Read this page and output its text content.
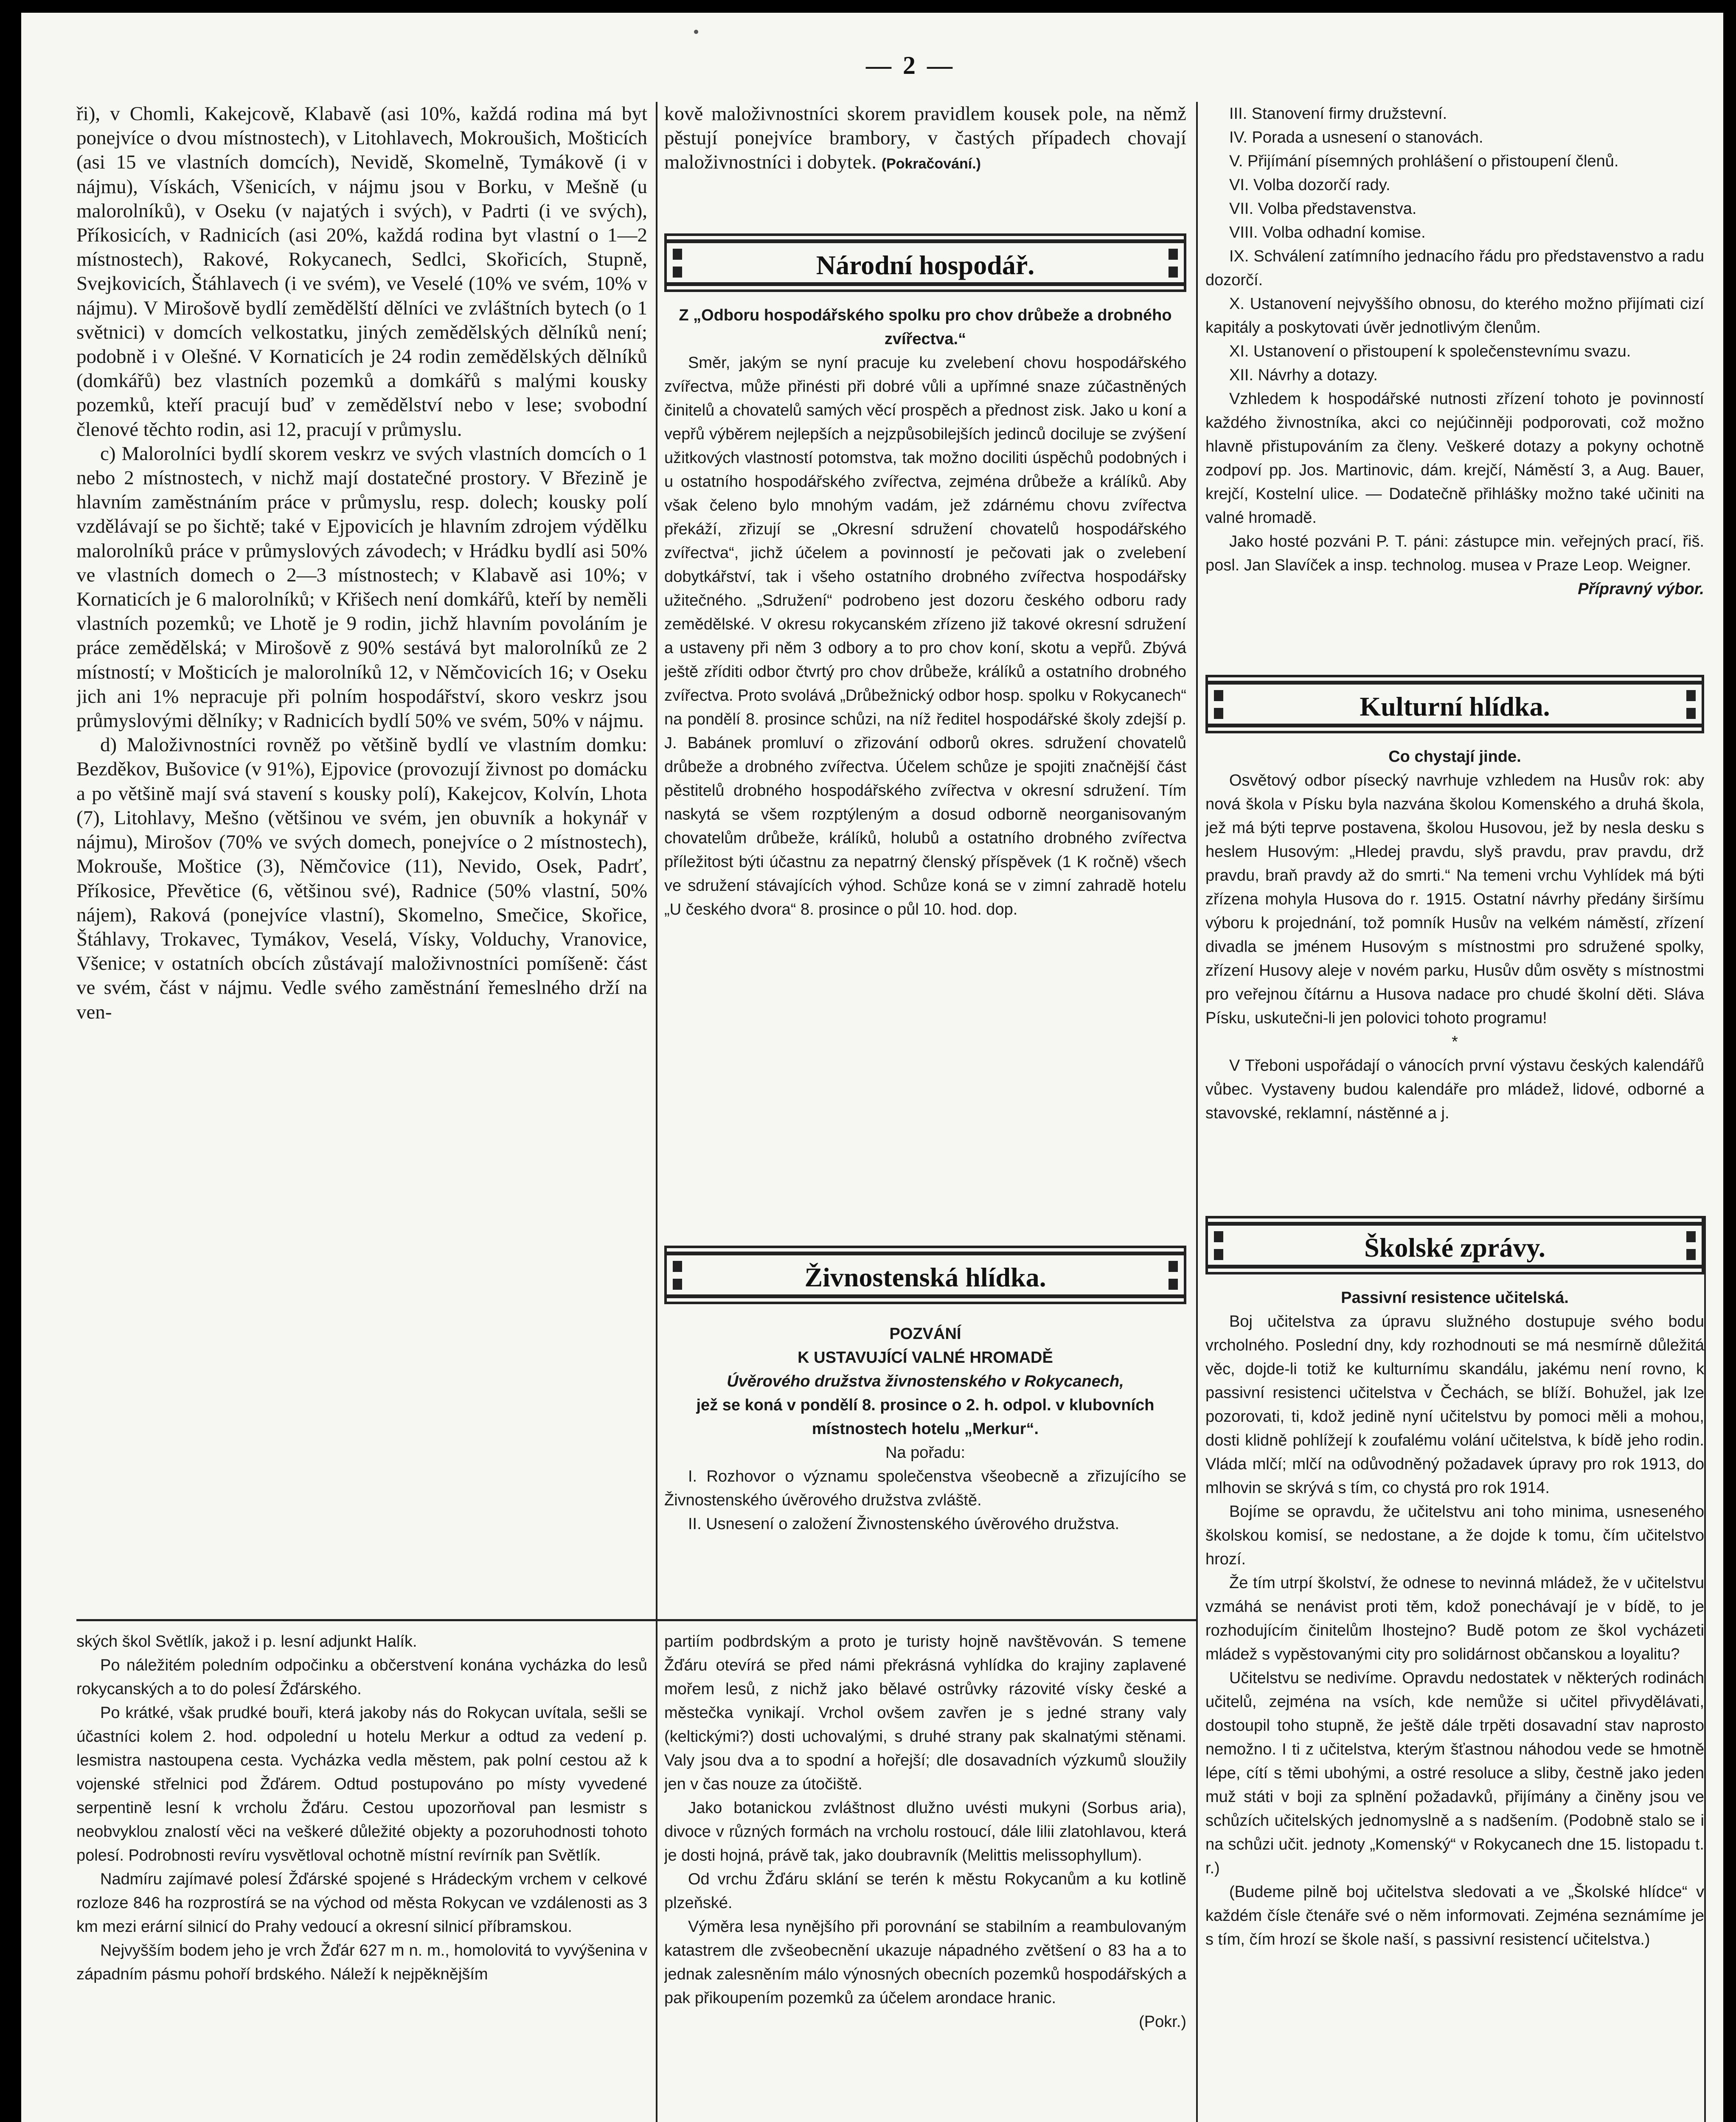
— 2 —

ři), v Chomli, Kakejcově, Klabavě (asi 10%, každá rodina má byt ponejvíce o dvou místnostech), v Litohlavech, Mokroušich, Mošticích (asi 15 ve vlastních domcích), Nevidě, Skomelně, Tymákově (i v nájmu), Vískách, Všenicích, v nájmu jsou v Borku, v Mešně (u malorolníků), v Oseku (v najatých i svých), v Padrti (i ve svých), Příkosicích, v Radnicích (asi 20%, každá rodina byt vlastní o 1—2 místnostech), Rakové, Rokycanech, Sedlci, Skořicích, Stupně, Svejkovicích, Štáhlavech (i ve svém), ve Veselé (10% ve svém, 10% v nájmu). V Mirošově bydlí zemědělští dělníci ve zvláštních bytech (o 1 světnici) v domcích velkostatku, jiných zemědělských dělníků není; podobně i v Olešné. V Kornaticích je 24 rodin zemědělských dělníků (domkářů) bez vlastních pozemků a domkářů s malými kousky pozemků, kteří pracují buď v zemědělství nebo v lese; svobodní členové těchto rodin, asi 12, pracují v průmyslu.

c) Malorolníci bydlí skorem veskrz ve svých vlastních domcích o 1 nebo 2 místnostech, v nichž mají dostatečné prostory. V Březině je hlavním zaměstnáním práce v průmyslu, resp. dolech; kousky polí vzdělávají se po šichtě; také v Ejpovicích je hlavním zdrojem výdělku malorolníků práce v průmyslových závodech; v Hrádku bydlí asi 50% ve vlastních domech o 2—3 místnostech; v Klabavě asi 10%; v Kornaticích je 6 malorolníků; v Křišech není domkářů, kteří by neměli vlastních pozemků; ve Lhotě je 9 rodin, jichž hlavním povoláním je práce zemědělská; v Mirošově z 90% sestává byt malorolníků ze 2 místností; v Mošticích je malorolníků 12, v Němčovicích 16; v Oseku jich ani 1% nepracuje při polním hospodářství, skoro veskrz jsou průmyslovými dělníky; v Radnicích bydlí 50% ve svém, 50% v nájmu.

d) Maloživnostníci rovněž po většině bydlí ve vlastním domku: Bezděkov, Bušovice (v 91%), Ejpovice (provozují živnost po domácku a po většině mají svá stavení s kousky polí), Kakejcov, Kolvín, Lhota (7), Litohlavy, Mešno (většinou ve svém, jen obuvník a hokynář v nájmu), Mirošov (70% ve svých domech, ponejvíce o 2 místnostech), Mokrouše, Moštice (3), Němčovice (11), Nevido, Osek, Padrť, Příkosice, Převětice (6, většinou své), Radnice (50% vlastní, 50% nájem), Raková (ponejvíce vlastní), Skomelno, Smečice, Skořice, Štáhlavy, Trokavec, Tymákov, Veselá, Vísky, Volduchy, Vranovice, Všenice; v ostatních obcích zůstávají maloživnostníci pomíšeně: část ve svém, část v nájmu. Vedle svého zaměstnání řemeslného drží na ven-

kově maloživnostníci skorem pravidlem kousek pole, na němž pěstují ponejvíce brambory, v častých případech chovají maloživnostníci i dobytek. (Pokračování.)

Národní hospodář.

Z „Odboru hospodářského spolku pro chov drůbeže a drobného zvířectva.“

Směr, jakým se nyní pracuje ku zvelebení chovu hospodářského zvířectva, může přinésti při dobré vůli a upřímné snaze zúčastněných činitelů a chovatelů samých věcí prospěch a přednost zisk. Jako u koní a vepřů výběrem nejlepších a nejzpůsobilejších jedinců dociluje se zvýšení užitkových vlastností potomstva, tak možno dociliti úspěchů podobných i u ostatního hospodářského zvířectva, zejména drůbeže a králíků. Aby však čeleno bylo mnohým vadám, jež zdárnému chovu zvířectva překáží, zřizují se „Okresní sdružení chovatelů hospodářského zvířectva“, jichž účelem a povinností je pečovati jak o zvelebení dobytkářství, tak i všeho ostatního drobného zvířectva hospodářsky užitečného. „Sdružení“ podrobeno jest dozoru českého odboru rady zemědělské. V okresu rokycanském zřízeno již takové okresní sdružení a ustaveny při něm 3 odbory a to pro chov koní, skotu a vepřů. Zbývá ještě zříditi odbor čtvrtý pro chov drůbeže, králíků a ostatního drobného zvířectva. Proto svolává „Drůbežnický odbor hosp. spolku v Rokycanech“ na pondělí 8. prosince schůzi, na níž ředitel hospodářské školy zdejší p. J. Babánek promluví o zřizování odborů okres. sdružení chovatelů drůbeže a drobného zvířectva. Účelem schůze je spojiti značnější část pěstitelů drobného hospodářského zvířectva v okresní sdružení. Tím naskytá se všem rozptýleným a dosud odborně neorganisovaným chovatelům drůbeže, králíků, holubů a ostatního drobného zvířectva příležitost býti účastnu za nepatrný členský příspěvek (1 K ročně) všech ve sdružení stávajících výhod. Schůze koná se v zimní zahradě hotelu „U českého dvora“ 8. prosince o půl 10. hod. dop.

Živnostenská hlídka.

POZVÁNÍ

K USTAVUJÍCÍ VALNÉ HROMADĚ

Úvěrového družstva živnostenského v Rokycanech,

jež se koná v pondělí 8. prosince o 2. h. odpol. v klubovních místnostech hotelu „Merkur“.

Na pořadu:

I. Rozhovor o významu společenstva všeobecně a zřizujícího se Živnostenského úvěrového družstva zvláště.

II. Usnesení o založení Živnostenského úvěrového družstva.

III. Stanovení firmy družstevní.

IV. Porada a usnesení o stanovách.

V. Přijímání písemných prohlášení o přistoupení členů.

VI. Volba dozorčí rady.

VII. Volba představenstva.

VIII. Volba odhadní komise.

IX. Schválení zatímního jednacího řádu pro představenstvo a radu dozorčí.

X. Ustanovení nejvyššího obnosu, do kterého možno přijímati cizí kapitály a poskytovati úvěr jednotlivým členům.

XI. Ustanovení o přistoupení k společenstevnímu svazu.

XII. Návrhy a dotazy.

Vzhledem k hospodářské nutnosti zřízení tohoto je povinností každého živnostníka, akci co nejúčinněji podporovati, což možno hlavně přistupováním za členy. Veškeré dotazy a pokyny ochotně zodpoví pp. Jos. Martinovic, dám. krejčí, Náměstí 3, a Aug. Bauer, krejčí, Kostelní ulice. — Dodatečně přihlášky možno také učiniti na valné hromadě.

Jako hosté pozváni P. T. páni: zástupce min. veřejných prací, řiš. posl. Jan Slavíček a insp. technolog. musea v Praze Leop. Weigner.

Přípravný výbor.

Kulturní hlídka.

Co chystají jinde.

Osvětový odbor písecký navrhuje vzhledem na Husův rok: aby nová škola v Písku byla nazvána školou Komenského a druhá škola, jež má býti teprve postavena, školou Husovou, jež by nesla desku s heslem Husovým: „Hledej pravdu, slyš pravdu, prav pravdu, drž pravdu, braň pravdy až do smrti.“ Na temeni vrchu Vyhlídek má býti zřízena mohyla Husova do r. 1915. Ostatní návrhy předány širšímu výboru k projednání, tož pomník Husův na velkém náměstí, zřízení divadla se jménem Husovým s místnostmi pro sdružené spolky, zřízení Husovy aleje v novém parku, Husův dům osvěty s místnostmi pro veřejnou čítárnu a Husova nadace pro chudé školní děti. Sláva Písku, uskutečni-li jen polovici tohoto programu!

*

V Třeboni uspořádají o vánocích první výstavu českých kalendářů vůbec. Vystaveny budou kalendáře pro mládež, lidové, odborné a stavovské, reklamní, nástěnné a j.

Školské zprávy.

Passivní resistence učitelská.

Boj učitelstva za úpravu služného dostupuje svého bodu vrcholného. Poslední dny, kdy rozhodnouti se má nesmírně důležitá věc, dojde-li totiž ke kulturnímu skandálu, jakému není rovno, k passivní resistenci učitelstva v Čechách, se blíží. Bohužel, jak lze pozorovati, ti, kdož jedině nyní učitelstvu by pomoci měli a mohou, dosti klidně pohlížejí k zoufalému volání učitelstva, k bídě jeho rodin. Vláda mlčí; mlčí na odůvodněný požadavek úpravy pro rok 1913, do mlhovin se skrývá s tím, co chystá pro rok 1914.

Bojíme se opravdu, že učitelstvu ani toho minima, usneseného školskou komisí, se nedostane, a že dojde k tomu, čím učitelstvo hrozí.

Že tím utrpí školství, že odnese to nevinná mládež, že v učitelstvu vzmáhá se nenávist proti těm, kdož ponechávají je v bídě, to je rozhodujícím činitelům lhostejno? Budě potom ze škol vycházeti mládež s vypěstovanými city pro solidárnost občanskou a loyalitu?

Učitelstvu se nedivíme. Opravdu nedostatek v některých rodinách učitelů, zejména na vsích, kde nemůže si učitel přivydělávati, dostoupil toho stupně, že ještě dále trpěti dosavadní stav naprosto nemožno. I ti z učitelstva, kterým šťastnou náhodou vede se hmotně lépe, cítí s těmi ubohými, a ostré resoluce a sliby, čestně jako jeden muž státi v boji za splnění požadavků, přijímány a činěny jsou ve schůzích učitelských jednomyslně a s nadšením. (Podobně stalo se i na schůzi učit. jednoty „Komenský“ v Rokycanech dne 15. listopadu t. r.)

(Budeme pilně boj učitelstva sledovati a ve „Školské hlídce“ v každém čísle čtenáře své o něm informovati. Zejména seznámíme je s tím, čím hrozí se škole naší, s passivní resistencí učitelstva.)

ských škol Světlík, jakož i p. lesní adjunkt Halík.

Po náležitém poledním odpočinku a občerstvení konána vycházka do lesů rokycanských a to do polesí Žďárského.

Po krátké, však prudké bouři, která jakoby nás do Rokycan uvítala, sešli se účastníci kolem 2. hod. odpolední u hotelu Merkur a odtud za vedení p. lesmistra nastoupena cesta. Vycházka vedla městem, pak polní cestou až k vojenské střelnici pod Žďárem. Odtud postupováno po místy vyvedené serpentině lesní k vrcholu Žďáru. Cestou upozorňoval pan lesmistr s neobvyklou znalostí věci na veškeré důležité objekty a pozoruhodnosti tohoto polesí. Podrobnosti revíru vysvětloval ochotně místní revírník pan Světlík.

Nadmíru zajímavé polesí Žďárské spojené s Hrádeckým vrchem v celkové rozloze 846 ha rozprostírá se na východ od města Rokycan ve vzdálenosti as 3 km mezi erární silnicí do Prahy vedoucí a okresní silnicí příbramskou.

Nejvyšším bodem jeho je vrch Žďár 627 m n. m., homolovitá to vyvýšenina v západním pásmu pohoří brdského. Náleží k nejpěknějším

partiím podbrdským a proto je turisty hojně navštěvován. S temene Žďáru otevírá se před námi překrásná vyhlídka do krajiny zaplavené mořem lesů, z nichž jako bělavé ostrůvky rázovité vísky české a městečka vynikají. Vrchol ovšem zavřen je s jedné strany valy (keltickými?) dosti uchovalými, s druhé strany pak skalnatými stěnami. Valy jsou dva a to spodní a hořejší; dle dosavadních výzkumů sloužily jen v čas nouze za útočiště.

Jako botanickou zvláštnost dlužno uvésti mukyni (Sorbus aria), divoce v různých formách na vrcholu rostoucí, dále lilii zlatohlavou, která je dosti hojná, právě tak, jako doubravník (Melittis melissophyllum).

Od vrchu Žďáru sklání se terén k městu Rokycanům a ku kotlině plzeňské.

Výměra lesa nynějšího při porovnání se stabilním a reambulovaným katastrem dle zvšeobecnění ukazuje nápadného zvětšení o 83 ha a to jednak zalesněním málo výnosných obecních pozemků hospodářských a pak přikoupením pozemků za účelem arondace hranic.

(Pokr.)
